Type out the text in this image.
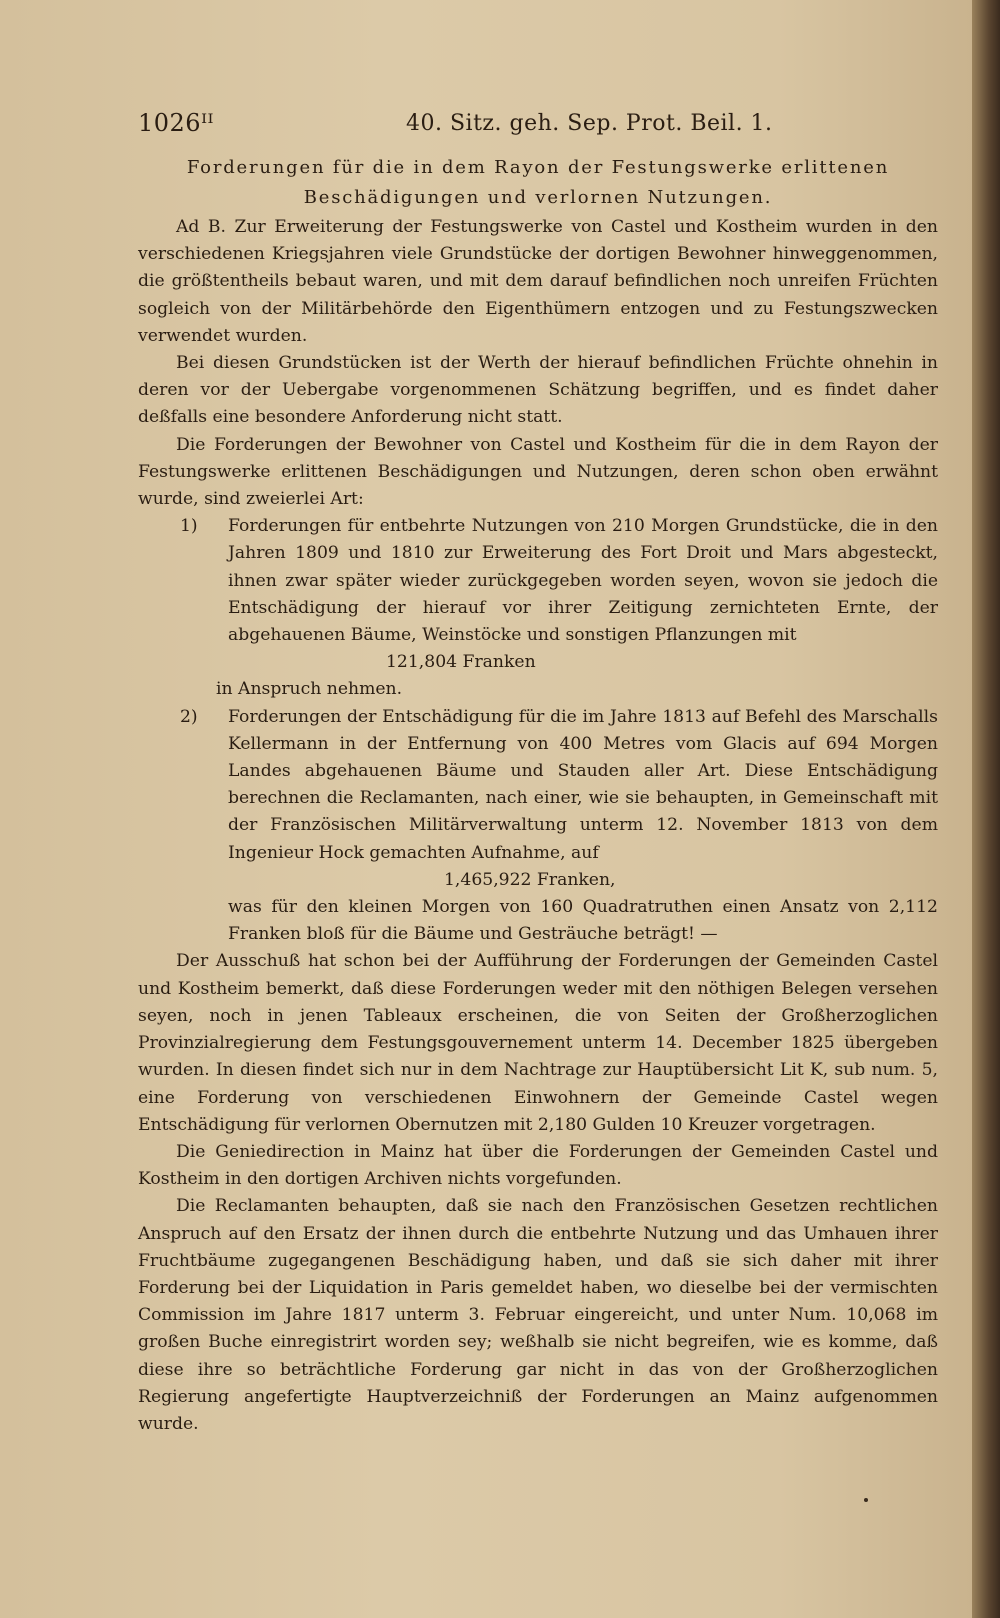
1026ᴵᴵ	40. Sitz. geh. Sep. Prot. Beil. 1.
Forderungen für die in dem Rayon der Festungswerke erlittenen
Beschädigungen und verlornen Nutzungen.

Ad B. Zur Erweiterung der Festungswerke von Castel und Kostheim wurden in den verschiedenen Kriegsjahren viele Grundstücke der dortigen Bewohner hinweggenommen, die größtentheils bebaut waren, und mit dem darauf befindlichen noch unreifen Früchten sogleich von der Militärbehörde den Eigenthümern entzogen und zu Festungszwecken verwendet wurden.

Bei diesen Grundstücken ist der Werth der hierauf befindlichen Früchte ohnehin in deren vor der Uebergabe vorgenommenen Schätzung begriffen, und es findet daher deßfalls eine besondere Anforderung nicht statt.

Die Forderungen der Bewohner von Castel und Kostheim für die in dem Rayon der Festungswerke erlittenen Beschädigungen und Nutzungen, deren schon oben erwähnt wurde, sind zweierlei Art:

1) Forderungen für entbehrte Nutzungen von 210 Morgen Grundstücke, die in den Jahren 1809 und 1810 zur Erweiterung des Fort Droit und Mars abgesteckt, ihnen zwar später wieder zurückgegeben worden seyen, wovon sie jedoch die Entschädigung der hierauf vor ihrer Zeitigung zernichteten Ernte, der abgehauenen Bäume, Weinstöcke und sonstigen Pflanzungen mit
121,804 Franken
in Anspruch nehmen.
2) Forderungen der Entschädigung für die im Jahre 1813 auf Befehl des Marschalls Kellermann in der Entfernung von 400 Metres vom Glacis auf 694 Morgen Landes abgehauenen Bäume und Stauden aller Art. Diese Entschädigung berechnen die Reclamanten, nach einer, wie sie behaupten, in Gemeinschaft mit der Französischen Militärverwaltung unterm 12. November 1813 von dem Ingenieur Hock gemachten Aufnahme, auf
1,465,922 Franken,

was für den kleinen Morgen von 160 Quadratruthen einen Ansatz von 2,112 Franken bloß für die Bäume und Gesträuche beträgt! —

Der Ausschuß hat schon bei der Aufführung der Forderungen der Gemeinden Castel und Kostheim bemerkt, daß diese Forderungen weder mit den nöthigen Belegen versehen seyen, noch in jenen Tableaux erscheinen, die von Seiten der Großherzoglichen Provinzialregierung dem Festungsgouvernement unterm 14. December 1825 übergeben wurden. In diesen findet sich nur in dem Nachtrage zur Hauptübersicht Lit K, sub num. 5, eine Forderung von verschiedenen Einwohnern der Gemeinde Castel wegen Entschädigung für verlornen Obernutzen mit 2,180 Gulden 10 Kreuzer vorgetragen.

Die Geniedirection in Mainz hat über die Forderungen der Gemeinden Castel und Kostheim in den dortigen Archiven nichts vorgefunden.

Die Reclamanten behaupten, daß sie nach den Französischen Gesetzen rechtlichen Anspruch auf den Ersatz der ihnen durch die entbehrte Nutzung und das Umhauen ihrer Fruchtbäume zugegangenen Beschädigung haben, und daß sie sich daher mit ihrer Forderung bei der Liquidation in Paris gemeldet haben, wo dieselbe bei der vermischten Commission im Jahre 1817 unterm 3. Februar eingereicht, und unter Num. 10,068 im großen Buche einregistrirt worden sey; weßhalb sie nicht begreifen, wie es komme, daß diese ihre so beträchtliche Forderung gar nicht in das von der Großherzoglichen Regierung angefertigte Hauptverzeichniß der Forderungen an Mainz aufgenommen wurde.
